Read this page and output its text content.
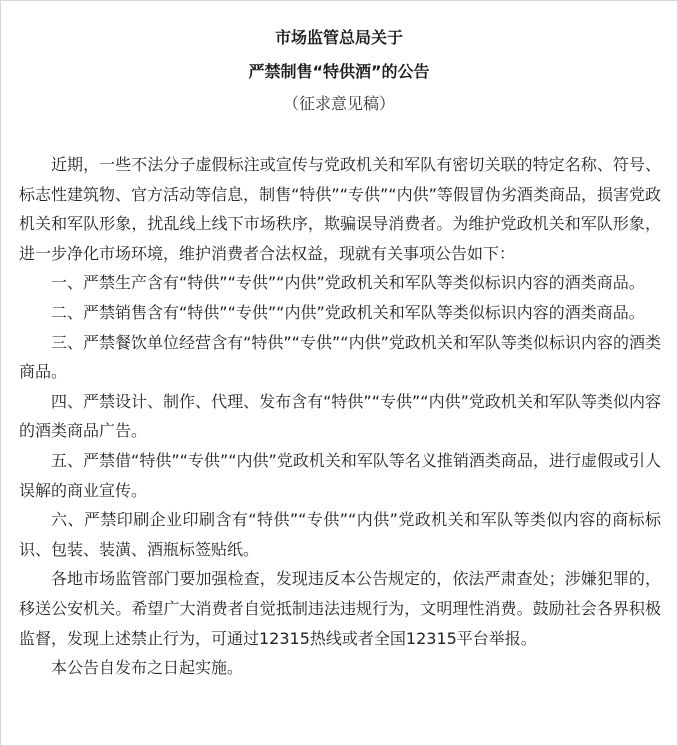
市场监管总局关于
严禁制售“特供酒”的公告
（征求意见稿）

近期，一些不法分子虚假标注或宣传与党政机关和军队有密切关联的特定名称、符号、标志性建筑物、官方活动等信息，制售“特供”“专供”“内供”等假冒伪劣酒类商品，损害党政机关和军队形象，扰乱线上线下市场秩序，欺骗误导消费者。为维护党政机关和军队形象，进一步净化市场环境，维护消费者合法权益，现就有关事项公告如下：

一、严禁生产含有“特供”“专供”“内供”党政机关和军队等类似标识内容的酒类商品。

二、严禁销售含有“特供”“专供”“内供”党政机关和军队等类似标识内容的酒类商品。

三、严禁餐饮单位经营含有“特供”“专供”“内供”党政机关和军队等类似标识内容的酒类商品。

四、严禁设计、制作、代理、发布含有“特供”“专供”“内供”党政机关和军队等类似内容的酒类商品广告。

五、严禁借“特供”“专供”“内供”党政机关和军队等名义推销酒类商品，进行虚假或引人误解的商业宣传。

六、严禁印刷企业印刷含有“特供”“专供”“内供”党政机关和军队等类似内容的商标标识、包装、装潢、酒瓶标签贴纸。

各地市场监管部门要加强检查，发现违反本公告规定的，依法严肃查处；涉嫌犯罪的，移送公安机关。希望广大消费者自觉抵制违法违规行为，文明理性消费。鼓励社会各界积极监督，发现上述禁止行为，可通过12315热线或者全国12315平台举报。

本公告自发布之日起实施。
